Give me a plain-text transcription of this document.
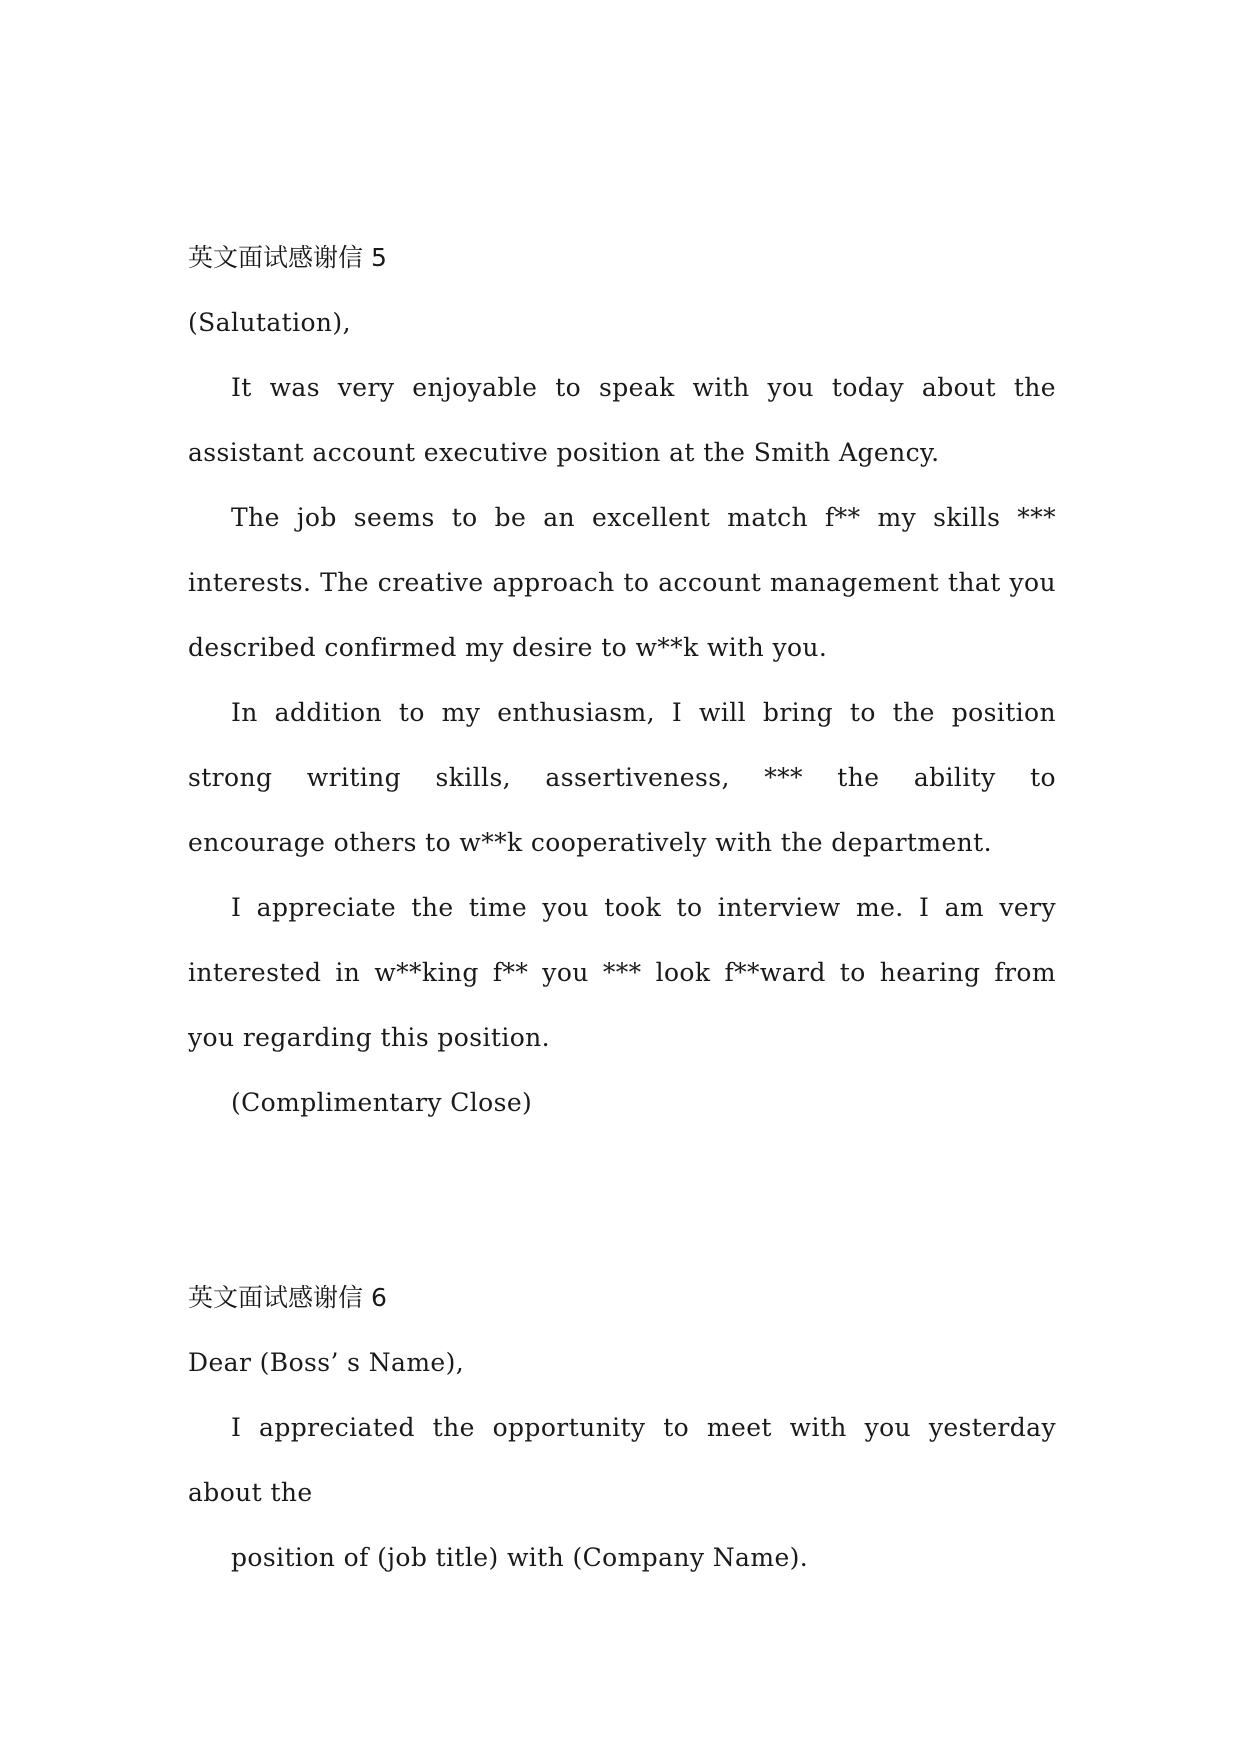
英文面试感谢信 5
(Salutation),
It was very enjoyable to speak with you today about the
assistant account executive position at the Smith Agency.
The job seems to be an excellent match f** my skills ***
interests. The creative approach to account management that you
described confirmed my desire to w**k with you.
In addition to my enthusiasm, I will bring to the position
strong writing skills, assertiveness, *** the ability to
encourage others to w**k cooperatively with the department.
I appreciate the time you took to interview me. I am very
interested in w**king f** you *** look f**ward to hearing from
you regarding this position.
(Complimentary Close)
英文面试感谢信 6
Dear (Boss’ s Name),
I appreciated the opportunity to meet with you yesterday
about the
position of (job title) with (Company Name).
